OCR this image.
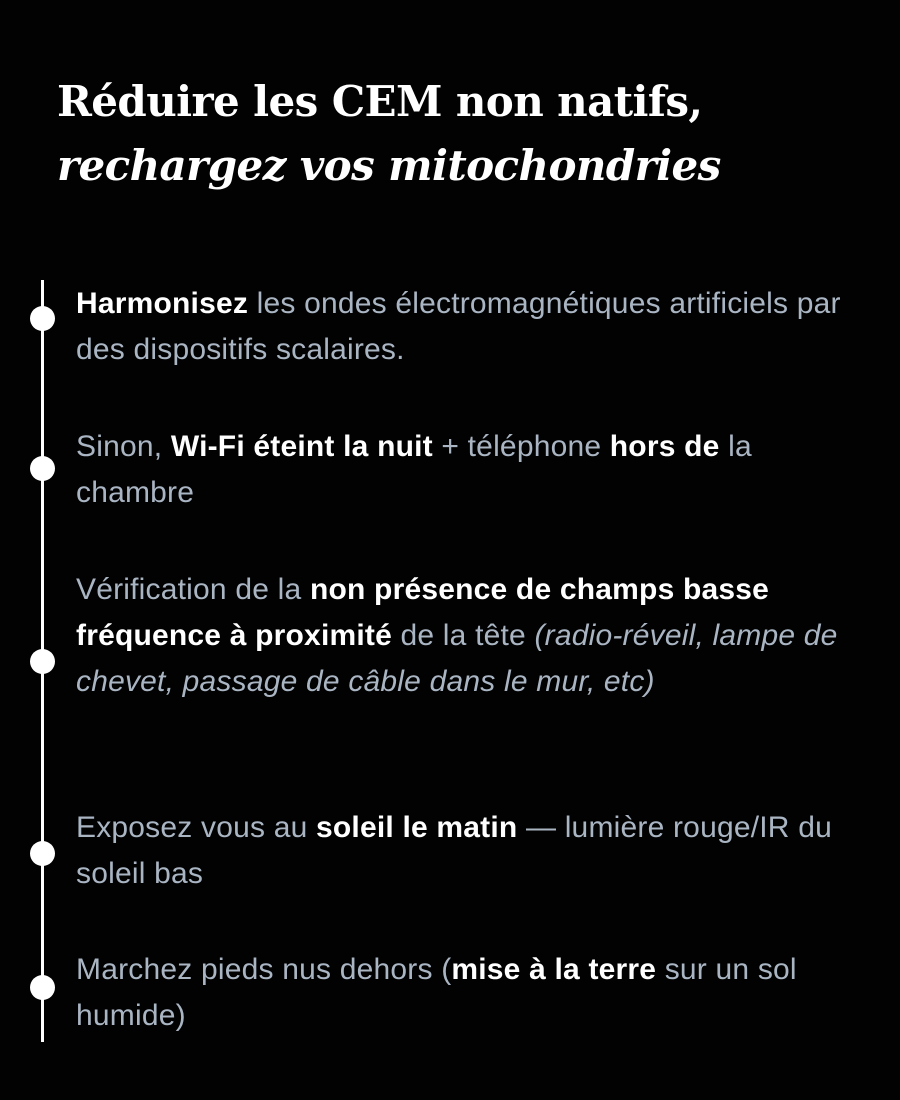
Réduire les CEM non natifs,
rechargez vos mitochondries

Harmonisez les ondes électromagnétiques artificiels par des dispositifs scalaires.

Sinon, Wi-Fi éteint la nuit + téléphone hors de la chambre

Vérification de la non présence de champs basse fréquence à proximité de la tête (radio-réveil, lampe de chevet, passage de câble dans le mur, etc)

Exposez vous au soleil le matin — lumière rouge/IR du soleil bas

Marchez pieds nus dehors (mise à la terre sur un sol humide)
